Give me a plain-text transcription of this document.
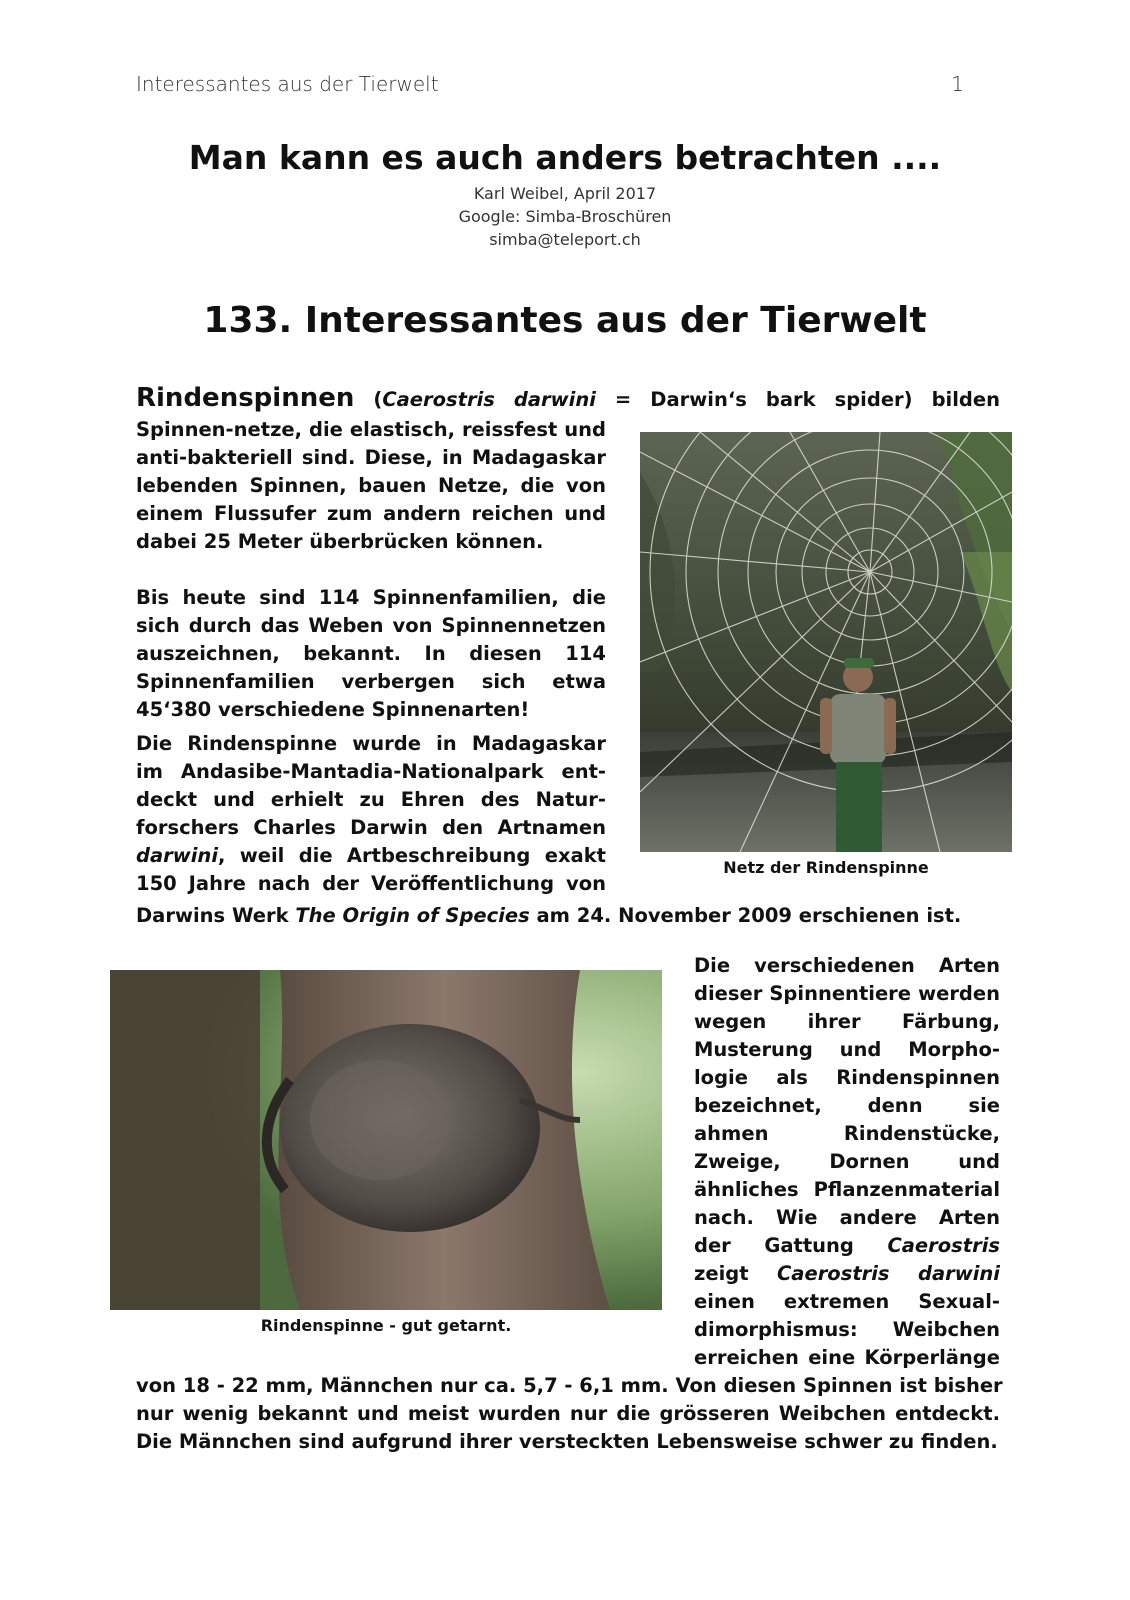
Interessantes aus der Tierwelt	1
Man kann es auch anders betrachten ....
Karl Weibel, April 2017
Google: Simba-Broschüren
simba@teleport.ch
133. Interessantes aus der Tierwelt
Rindenspinnen (Caerostris darwini = Darwin‘s bark spider) bilden

Spinnen-netze, die elastisch, reissfest und
anti-bakteriell sind. Diese, in Madagaskar
lebenden Spinnen, bauen Netze, die von
einem Flussufer zum andern reichen und
dabei 25 Meter überbrücken können.

Bis heute sind 114 Spinnenfamilien, die
sich durch das Weben von Spinnennetzen
auszeichnen, bekannt. In diesen 114
Spinnenfamilien verbergen sich etwa
45‘380 verschiedene Spinnenarten!

Die Rindenspinne wurde in Madagaskar
im Andasibe-Mantadia-Nationalpark ent-
deckt und erhielt zu Ehren des Natur-
forschers Charles Darwin den Artnamen
darwini, weil die Artbeschreibung exakt
150 Jahre nach der Veröffentlichung von

Darwins Werk The Origin of Species am 24. November 2009 erschienen ist.
Netz der Rindenspinne
Rindenspinne - gut getarnt.
Die verschiedenen Arten
dieser Spinnentiere werden
wegen ihrer Färbung,
Musterung und Morpho-
logie als Rindenspinnen
bezeichnet, denn sie
ahmen Rindenstücke,
Zweige, Dornen und
ähnliches Pflanzenmaterial
nach. Wie andere Arten
der Gattung Caerostris
zeigt Caerostris darwini
einen extremen Sexual-
dimorphismus: Weibchen
erreichen eine Körperlänge
von 18 - 22 mm, Männchen nur ca. 5,7 - 6,1 mm. Von diesen Spinnen ist bisher
nur wenig bekannt und meist wurden nur die grösseren Weibchen entdeckt.
Die Männchen sind aufgrund ihrer versteckten Lebensweise schwer zu finden.
